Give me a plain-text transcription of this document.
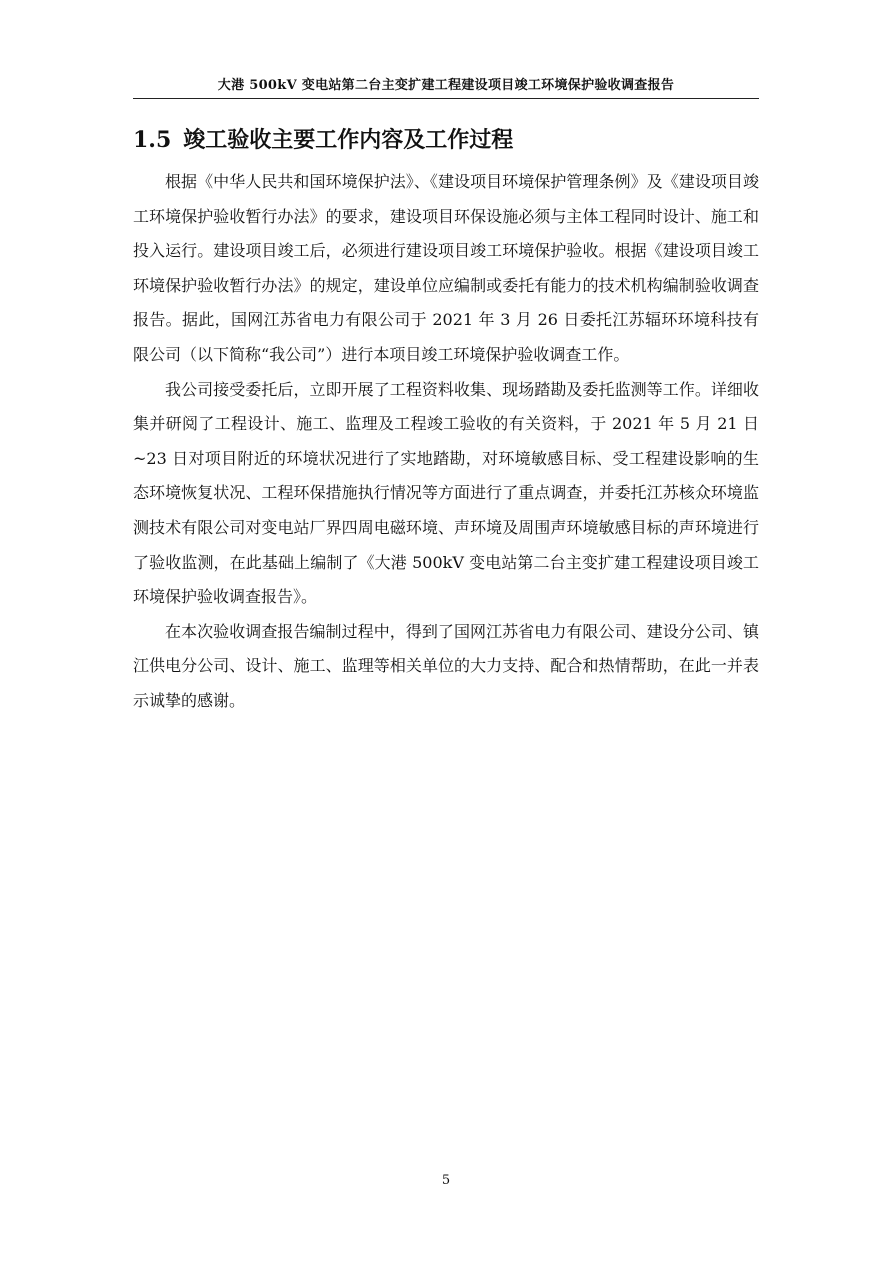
大港 500kV 变电站第二台主变扩建工程建设项目竣工环境保护验收调查报告
1.5 竣工验收主要工作内容及工作过程

根据《中华人民共和国环境保护法》、《建设项目环境保护管理条例》及《建设项目竣工环境保护验收暂行办法》的要求，建设项目环保设施必须与主体工程同时设计、施工和投入运行。建设项目竣工后，必须进行建设项目竣工环境保护验收。根据《建设项目竣工环境保护验收暂行办法》的规定，建设单位应编制或委托有能力的技术机构编制验收调查报告。据此，国网江苏省电力有限公司于 2021 年 3 月 26 日委托江苏辐环环境科技有限公司（以下简称“我公司”）进行本项目竣工环境保护验收调查工作。

我公司接受委托后，立即开展了工程资料收集、现场踏勘及委托监测等工作。详细收集并研阅了工程设计、施工、监理及工程竣工验收的有关资料，于 2021 年 5 月 21 日~23 日对项目附近的环境状况进行了实地踏勘，对环境敏感目标、受工程建设影响的生态环境恢复状况、工程环保措施执行情况等方面进行了重点调查，并委托江苏核众环境监测技术有限公司对变电站厂界四周电磁环境、声环境及周围声环境敏感目标的声环境进行了验收监测，在此基础上编制了《大港 500kV 变电站第二台主变扩建工程建设项目竣工环境保护验收调查报告》。

在本次验收调查报告编制过程中，得到了国网江苏省电力有限公司、建设分公司、镇江供电分公司、设计、施工、监理等相关单位的大力支持、配合和热情帮助，在此一并表示诚挚的感谢。

5
